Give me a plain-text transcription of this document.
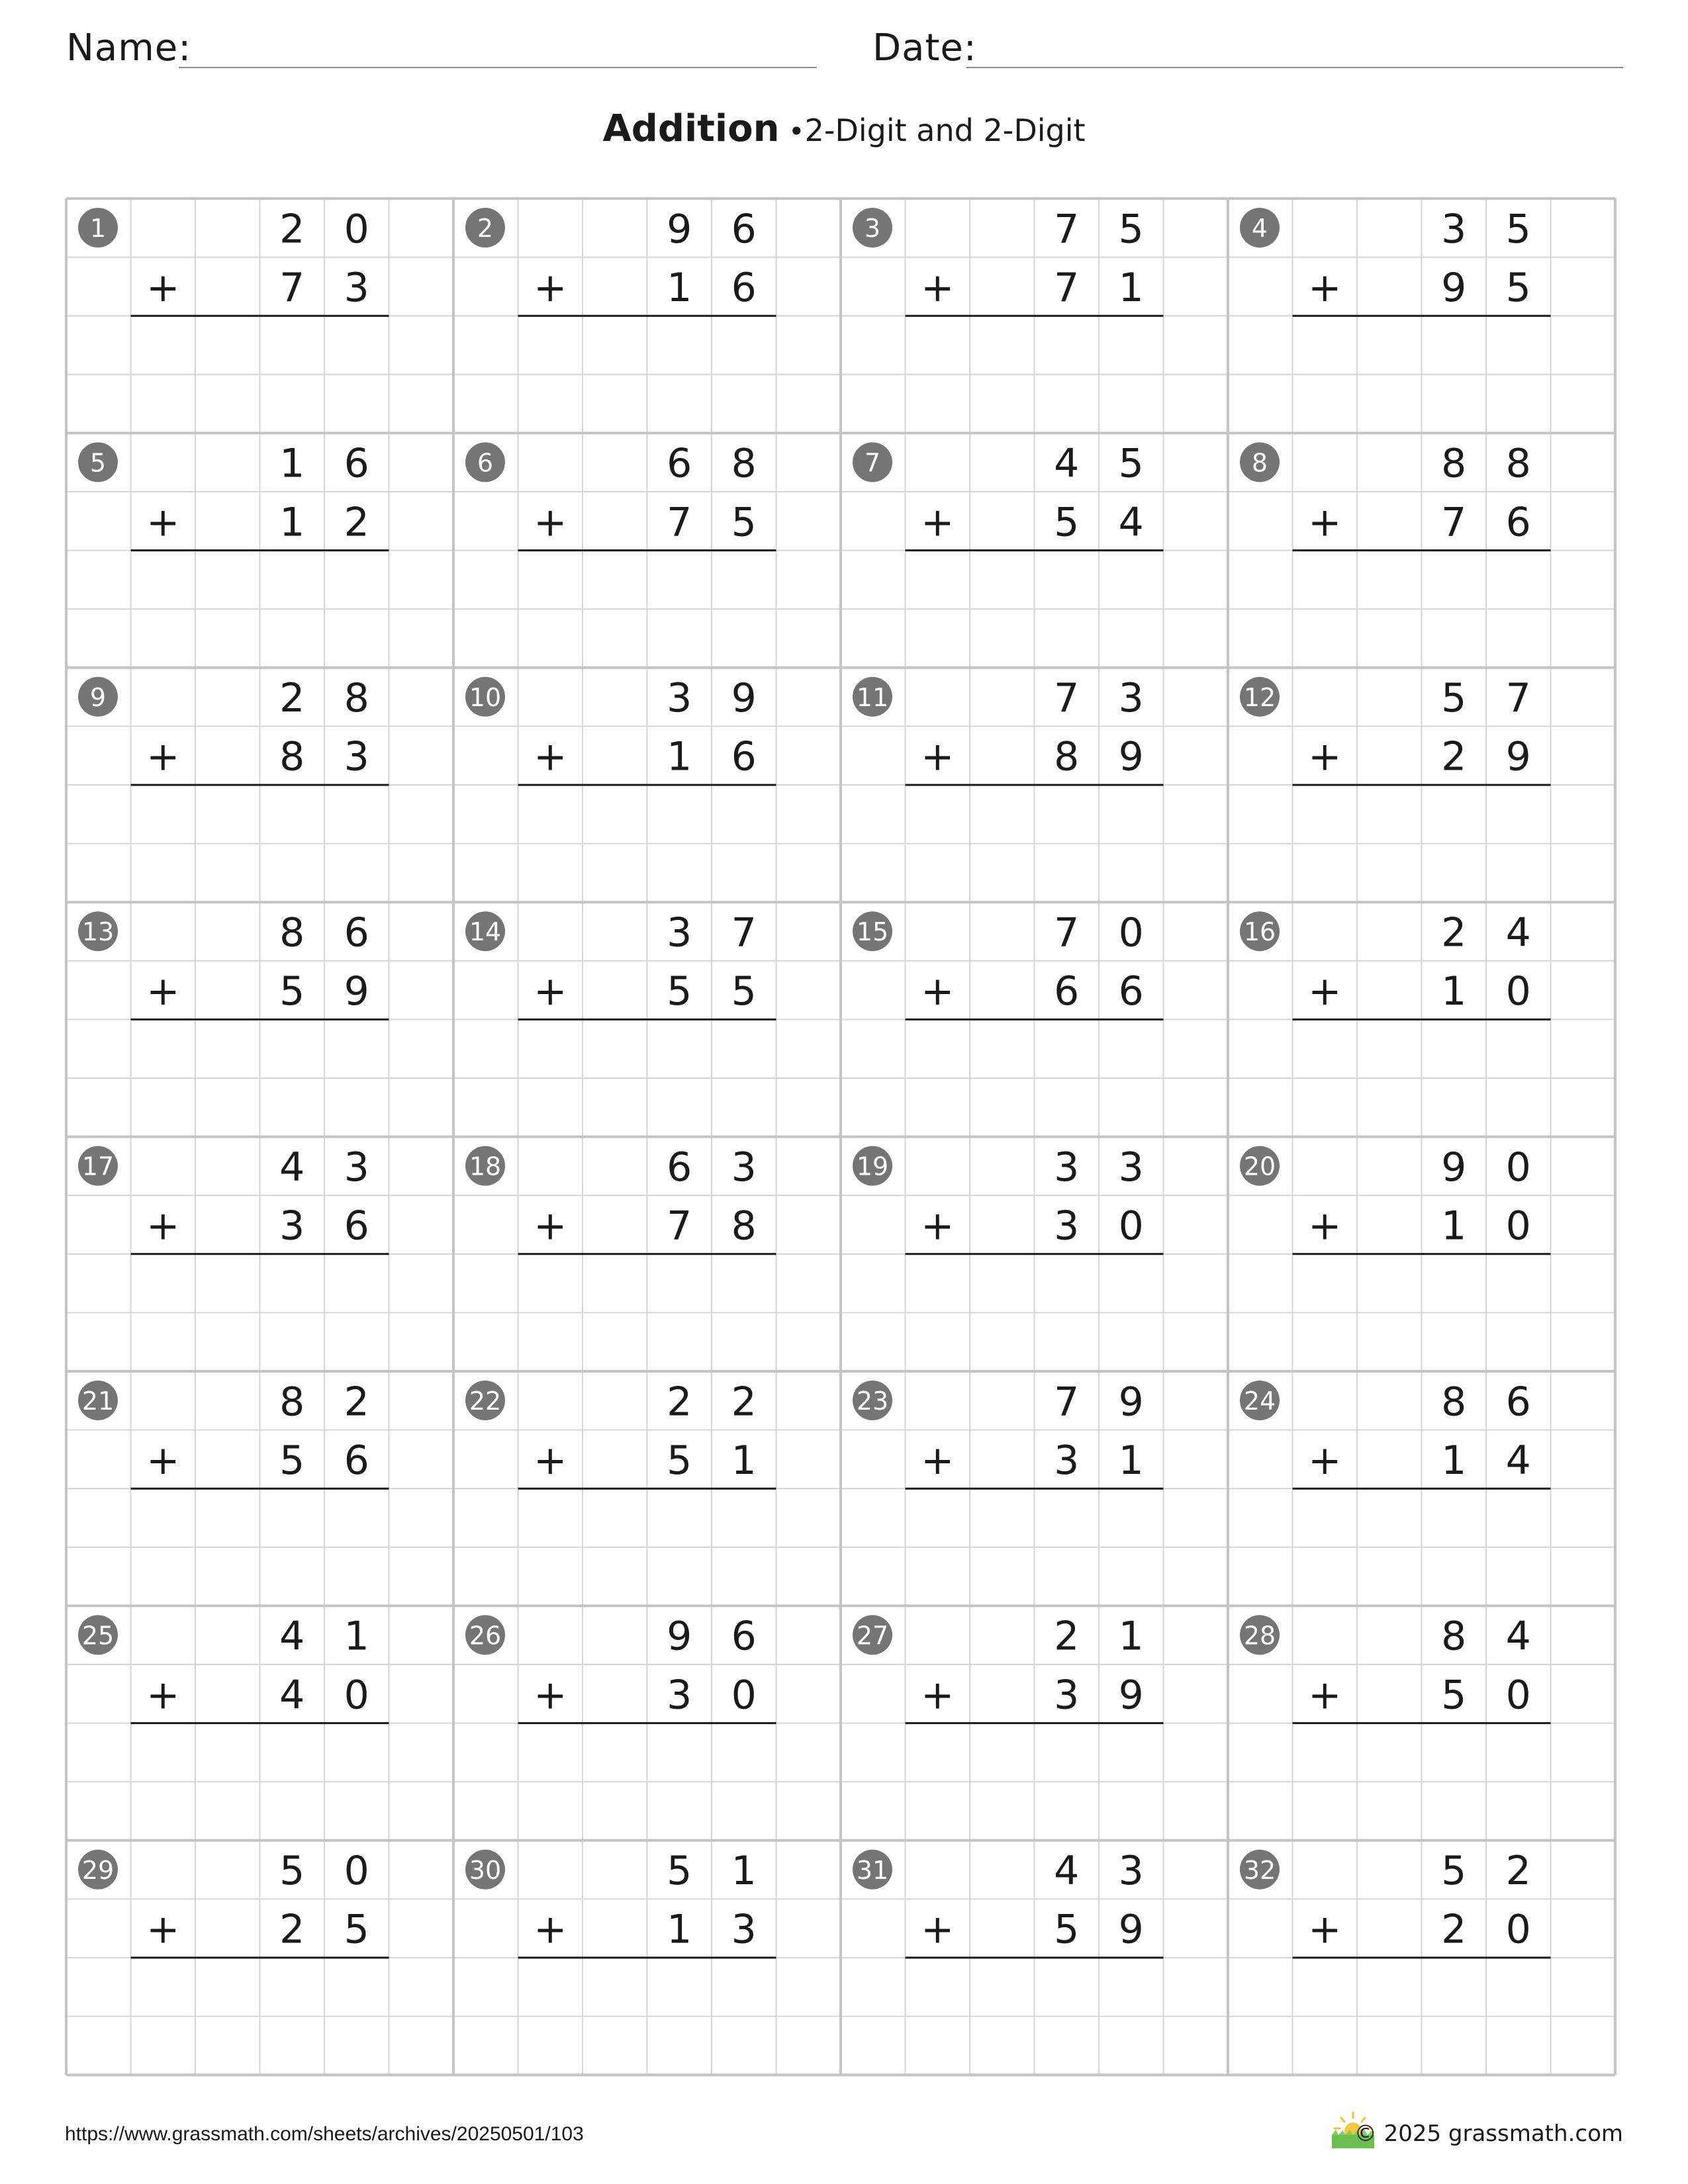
Name:	Date:
Addition •2-Digit and 2-Digit
1	2 0
+	7 3
2	9 6
+	1 6
3	7 5
+	7 1
4	3 5
+	9 5
5	1 6
+	1 2
6	6 8
+	7 5
7	4 5
+	5 4
8	8 8
+	7 6
9	2 8
+	8 3
10	3 9
+	1 6
11	7 3
+	8 9
12	5 7
+	2 9
13	8 6
+	5 9
14	3 7
+	5 5
15	7 0
+	6 6
16	2 4
+	1 0
17	4 3
+	3 6
18	6 3
+	7 8
19	3 3
+	3 0
20	9 0
+	1 0
21	8 2
+	5 6
22	2 2
+	5 1
23	7 9
+	3 1
24	8 6
+	1 4
25	4 1
+	4 0
26	9 6
+	3 0
27	2 1
+	3 9
28	8 4
+	5 0
29	5 0
+	2 5
30	5 1
+	1 3
31	4 3
+	5 9
32	5 2
+	2 0
https://www.grassmath.com/sheets/archives/20250501/103	© 2025 grassmath.com
